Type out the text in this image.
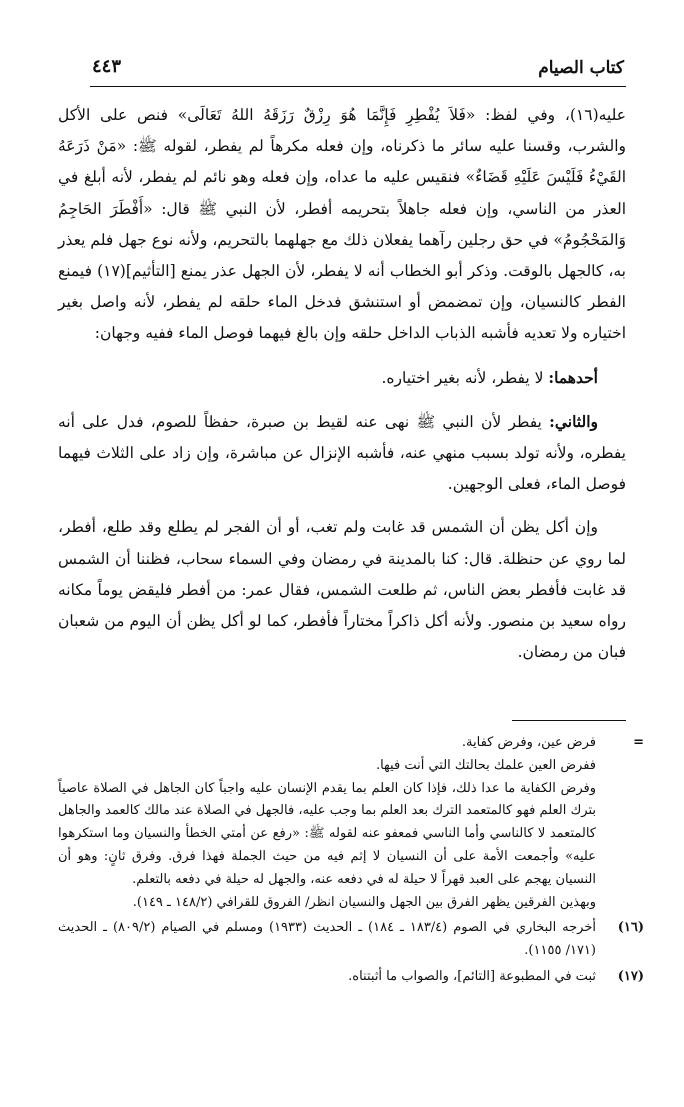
كتاب الصيام
٤٤٣

عليه(١٦)، وفي لفظ: «فَلاَ يُفْطِرِ فَإِنَّمَا هُوَ رِزْقٌ رَزَقَهُ اللهُ تَعَالَى» فنص على الأكل والشرب، وقسنا عليه سائر ما ذكرناه، وإن فعله مكرهاً لم يفطر، لقوله ﷺ: «مَنْ ذَرَعَهُ القَيْءُ فَلَيْسَ عَلَيْهِ قَضَاءٌ» فنقيس عليه ما عداه، وإن فعله وهو نائم لم يفطر، لأنه أبلغ في العذر من الناسي، وإن فعله جاهلاً بتحريمه أفطر، لأن النبي ﷺ قال: «أَفْطَرَ الحَاجِمُ وَالمَحْجُومُ» في حق رجلين رآهما يفعلان ذلك مع جهلهما بالتحريم، ولأنه نوع جهل فلم يعذر به، كالجهل بالوقت. وذكر أبو الخطاب أنه لا يفطر، لأن الجهل عذر يمنع [التأثيم](١٧) فيمنع الفطر كالنسيان، وإن تمضمض أو استنشق فدخل الماء حلقه لم يفطر، لأنه واصل بغير اختياره ولا تعديه فأشبه الذباب الداخل حلقه وإن بالغ فيهما فوصل الماء ففيه وجهان:

أحدهما: لا يفطر، لأنه بغير اختياره.

والثاني: يفطر لأن النبي ﷺ نهى عنه لقيط بن صبرة، حفظاً للصوم، فدل على أنه يفطره، ولأنه تولد بسبب منهي عنه، فأشبه الإنزال عن مباشرة، وإن زاد على الثلاث فيهما فوصل الماء، فعلى الوجهين.

وإن أكل يظن أن الشمس قد غابت ولم تغب، أو أن الفجر لم يطلع وقد طلع، أفطر، لما روي عن حنظلة. قال: كنا بالمدينة في رمضان وفي السماء سحاب، فظننا أن الشمس قد غابت فأفطر بعض الناس، ثم طلعت الشمس، فقال عمر: من أفطر فليقض يوماً مكانه رواه سعيد بن منصور. ولأنه أكل ذاكراً مختاراً فأفطر، كما لو أكل يظن أن اليوم من شعبان فبان من رمضان.

=

فرض عين، وفرض كفاية.

ففرض العين علمك بحالتك التي أنت فيها.

وفرض الكفاية ما عدا ذلك، فإذا كان العلم بما يقدم الإنسان عليه واجباً كان الجاهل في الصلاة عاصياً بترك العلم فهو كالمتعمد الترك بعد العلم بما وجب عليه، فالجهل في الصلاة عند مالك كالعمد والجاهل كالمتعمد لا كالناسي وأما الناسي فمعفو عنه لقوله ﷺ: «رفع عن أمتي الخطأ والنسيان وما استكرهوا عليه» وأجمعت الأمة على أن النسيان لا إثم فيه من حيث الجملة فهذا فرق. وفرق ثانٍ: وهو أن النسيان يهجم على العبد قهراً لا حيلة له في دفعه عنه، والجهل له حيلة في دفعه بالتعلم.

وبهذين الفرقين يظهر الفرق بين الجهل والنسيان انظر/ الفروق للقرافي (١٤٨/٢ ـ ١٤٩).

(١٦)

أخرجه البخاري في الصوم (١٨٣/٤ ـ ١٨٤) ـ الحديث (١٩٣٣) ومسلم في الصيام (٨٠٩/٢) ـ الحديث (١٧١/ ١١٥٥).

(١٧)

ثبت في المطبوعة [التائم]، والصواب ما أثبتناه.
